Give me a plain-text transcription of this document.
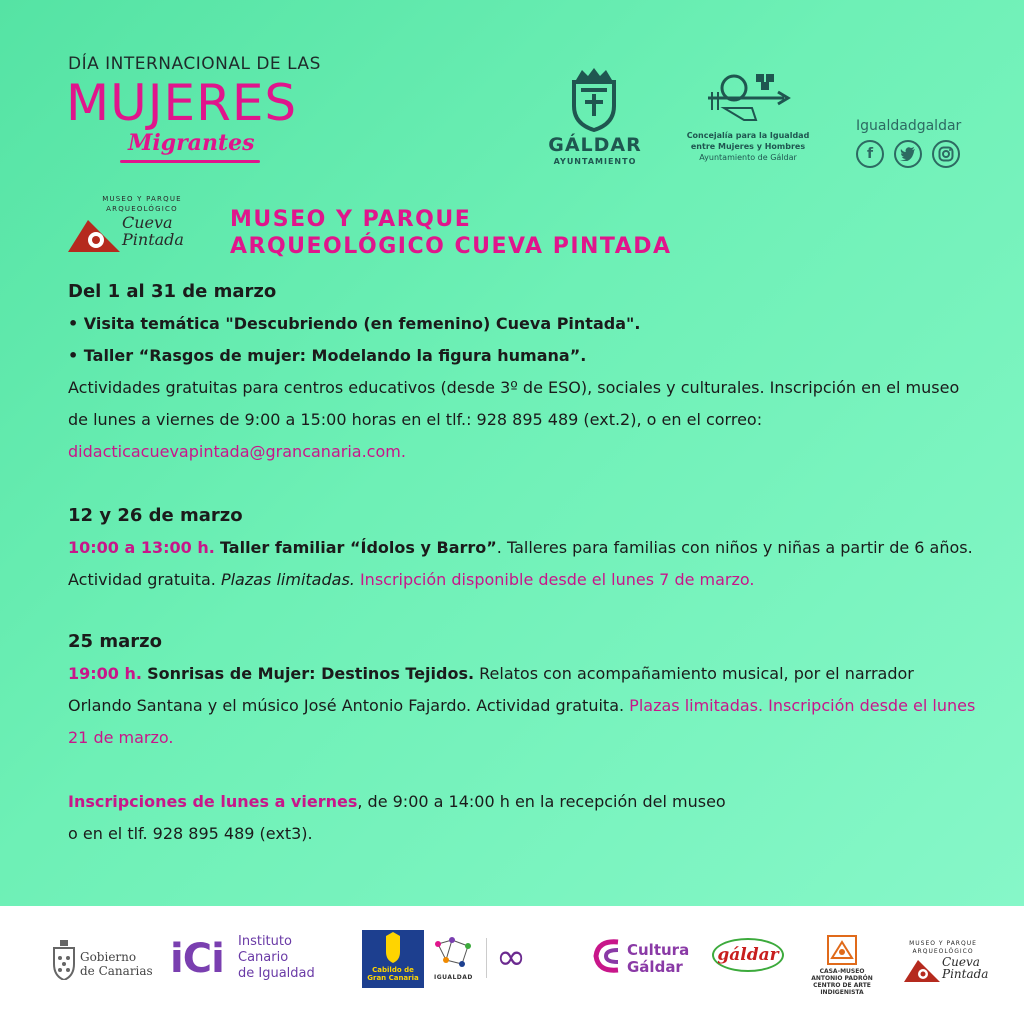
DÍA INTERNACIONAL DE LAS
MUJERES
Migrantes	GÁLDAR
AYUNTAMIENTO
Concejalía para la Igualdad
entre Mujeres y Hombres
Ayuntamiento de Gáldar
Igualdadgaldar
f
MUSEO Y PARQUE
ARQUEOLÓGICO
Cueva
Pintada
MUSEO Y PARQUE
ARQUEOLÓGICO CUEVA PINTADA
Del 1 al 31 de marzo
• Visita temática "Descubriendo (en femenino) Cueva Pintada".
• Taller “Rasgos de mujer: Modelando la figura humana”.
Actividades gratuitas para centros educativos (desde 3º de ESO), sociales y culturales. Inscripción en el museo de lunes a viernes de 9:00 a 15:00 horas en el tlf.: 928 895 489 (ext.2), o en el correo:
didacticacuevapintada@grancanaria.com.
12 y 26 de marzo
10:00 a 13:00 h. Taller familiar “Ídolos y Barro”. Talleres para familias con niños y niñas a partir de 6 años. Actividad gratuita. Plazas limitadas. Inscripción disponible desde el lunes 7 de marzo.
25 marzo
19:00 h. Sonrisas de Mujer: Destinos Tejidos. Relatos con acompañamiento musical, por el narrador Orlando Santana y el músico José Antonio Fajardo. Actividad gratuita. Plazas limitadas. Inscripción desde el lunes 21 de marzo.
Inscripciones de lunes a viernes, de 9:00 a 14:00 h en la recepción del museo
o en el tlf. 928 895 489 (ext3).
Gobierno
de Canarias iCi Instituto
Canario
de Igualdad	Cabildo de
Gran Canaria	IGUALDAD ∞	Cultura
Gáldar
gáldar
CASA-MUSEO
ANTONIO PADRÓN
CENTRO DE ARTE
INDIGENISTA
MUSEO Y PARQUE
ARQUEOLÓGICO
Cueva
Pintada
